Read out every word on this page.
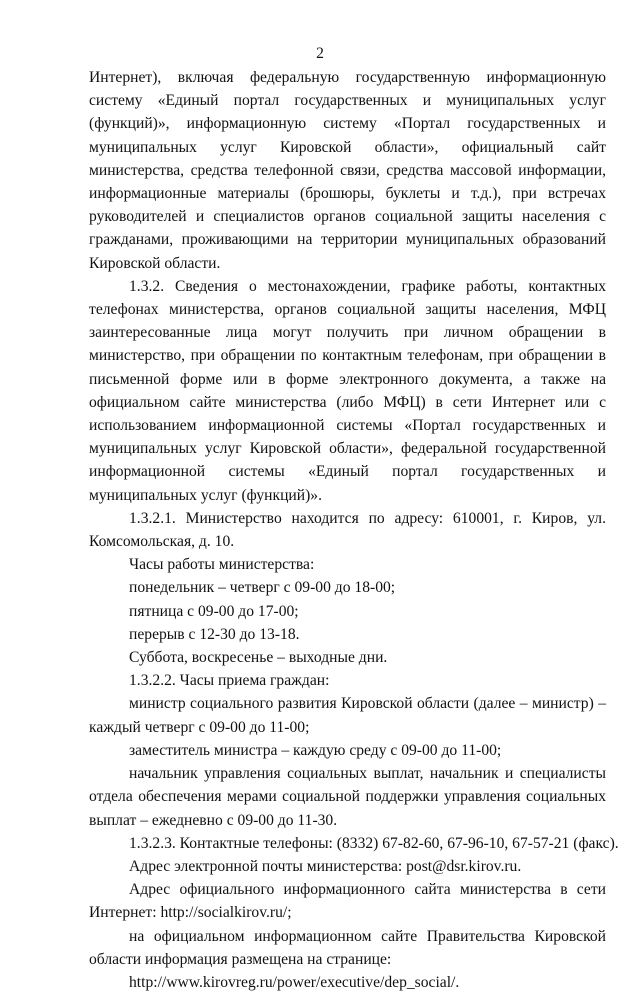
2

Интернет), включая федеральную государственную информационную систему «Единый портал государственных и муниципальных услуг (функций)», информационную систему «Портал государственных и муниципальных услуг Кировской области», официальный сайт министерства, средства телефонной связи, средства массовой информации, информационные материалы (брошюры, буклеты и т.д.), при встречах руководителей и специалистов органов социальной защиты населения с гражданами, проживающими на территории муниципальных образований Кировской области.

1.3.2. Сведения о местонахождении, графике работы, контактных телефонах министерства, органов социальной защиты населения, МФЦ заинтересованные лица могут получить при личном обращении в министерство, при обращении по контактным телефонам, при обращении в письменной форме или в форме электронного документа, а также на официальном сайте министерства (либо МФЦ) в сети Интернет или с использованием информационной системы «Портал государственных и муниципальных услуг Кировской области», федеральной государственной информационной системы «Единый портал государственных и муниципальных услуг (функций)».

1.3.2.1. Министерство находится по адресу: 610001, г. Киров, ул. Комсомольская, д. 10.

Часы работы министерства:

понедельник – четверг с 09-00 до 18-00;

пятница с 09-00 до 17-00;

перерыв с 12-30 до 13-18.

Суббота, воскресенье – выходные дни.

1.3.2.2. Часы приема граждан:

министр социального развития Кировской области (далее – министр) – каждый четверг с 09-00 до 11-00;

заместитель министра – каждую среду с 09-00 до 11-00;

начальник управления социальных выплат, начальник и специалисты отдела обеспечения мерами социальной поддержки управления социальных выплат – ежедневно с 09-00 до 11-30.

1.3.2.3. Контактные телефоны: (8332) 67-82-60, 67-96-10, 67-57-21 (факс).

Адрес электронной почты министерства: post@dsr.kirov.ru.

Адрес официального информационного сайта министерства в сети Интернет: http://socialkirov.ru/;

на официальном информационном сайте Правительства Кировской области информация размещена на странице:

http://www.kirovreg.ru/power/executive/dep_social/.
